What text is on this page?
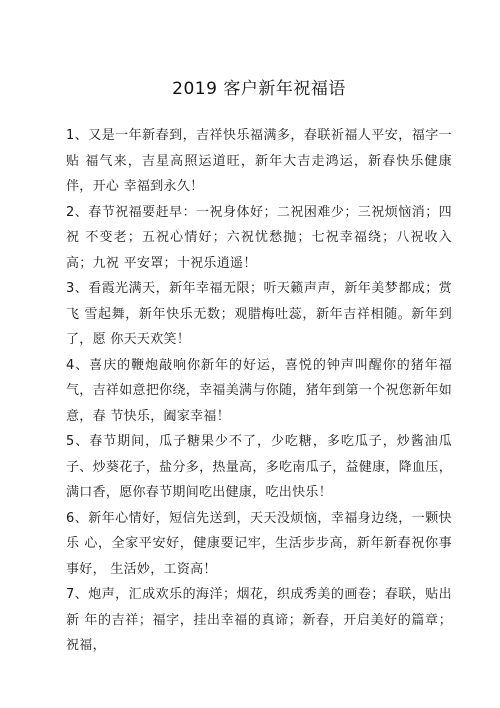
2019 客户新年祝福语

1、又是一年新春到，吉祥快乐福满多，春联祈福人平安，福字一贴 福气来，吉星高照运道旺，新年大吉走鸿运，新春快乐健康伴，开心 幸福到永久！

2、春节祝福要赶早：一祝身体好；二祝困难少；三祝烦恼消；四祝 不变老；五祝心情好；六祝忧愁抛；七祝幸福绕；八祝收入高；九祝 平安罩；十祝乐逍遥！

3、看霞光满天，新年幸福无限；听天籁声声，新年美梦都成；赏飞 雪起舞，新年快乐无数；观腊梅吐蕊，新年吉祥相随。新年到了，愿 你天天欢笑！

4、喜庆的鞭炮敲响你新年的好运，喜悦的钟声叫醒你的猪年福气，吉祥如意把你绕，幸福美满与你随，猪年到第一个祝您新年如意，春 节快乐，阖家幸福！

5、春节期间，瓜子糖果少不了，少吃糖，多吃瓜子，炒酱油瓜子、炒葵花子，盐分多，热量高，多吃南瓜子，益健康，降血压，满口香，愿你春节期间吃出健康，吃出快乐！

6、新年心情好，短信先送到，天天没烦恼，幸福身边绕，一颗快乐 心，全家平安好，健康要记牢，生活步步高，新年新春祝你事事好， 生活妙，工资高！

7、炮声，汇成欢乐的海洋；烟花，织成秀美的画卷；春联，贴出新 年的吉祥；福字，挂出幸福的真谛；新春，开启美好的篇章；祝福，
